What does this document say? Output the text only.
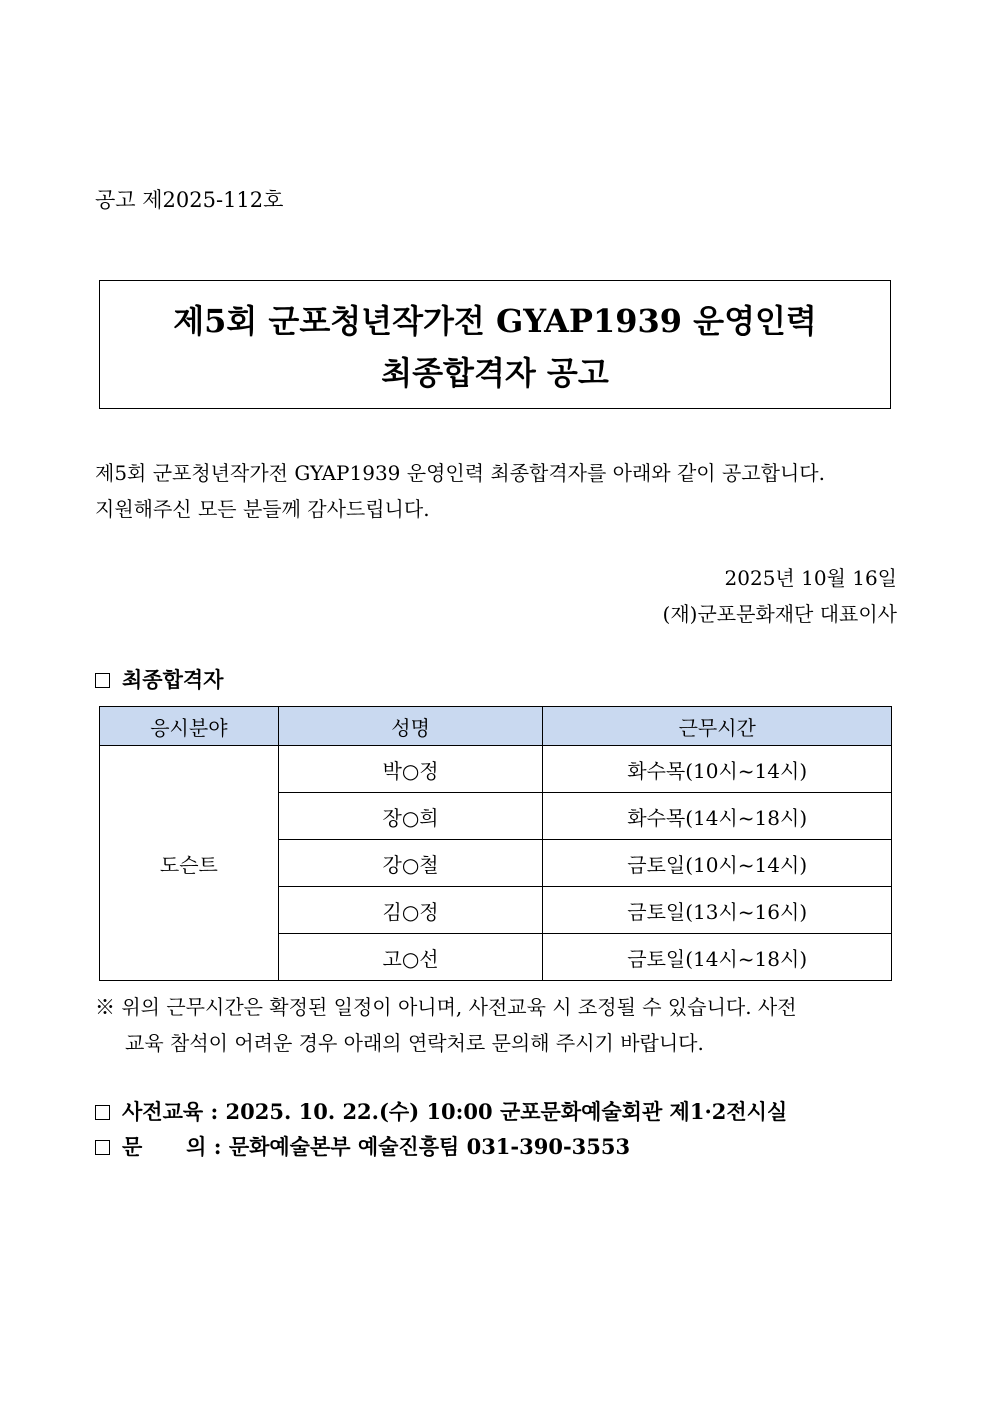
공고 제2025-112호
제5회 군포청년작가전 GYAP1939 운영인력
최종합격자 공고

제5회 군포청년작가전 GYAP1939 운영인력 최종합격자를 아래와 같이 공고합니다.

지원해주신 모든 분들께 감사드립니다.

2025년 10월 16일
(재)군포문화재단 대표이사
최종합격자
응시분야	성명	근무시간
도슨트	박○정	화수목(10시~14시)
	장○희	화수목(14시~18시)
	강○철	금토일(10시~14시)
	김○정	금토일(13시~16시)
	고○선	금토일(14시~18시)

※ 위의 근무시간은 확정된 일정이 아니며, 사전교육 시 조정될 수 있습니다. 사전

교육 참석이 어려운 경우 아래의 연락처로 문의해 주시기 바랍니다.

사전교육 : 2025. 10. 22.(수) 10:00 군포문화예술회관 제1·2전시실
문      의 : 문화예술본부 예술진흥팀 031-390-3553
